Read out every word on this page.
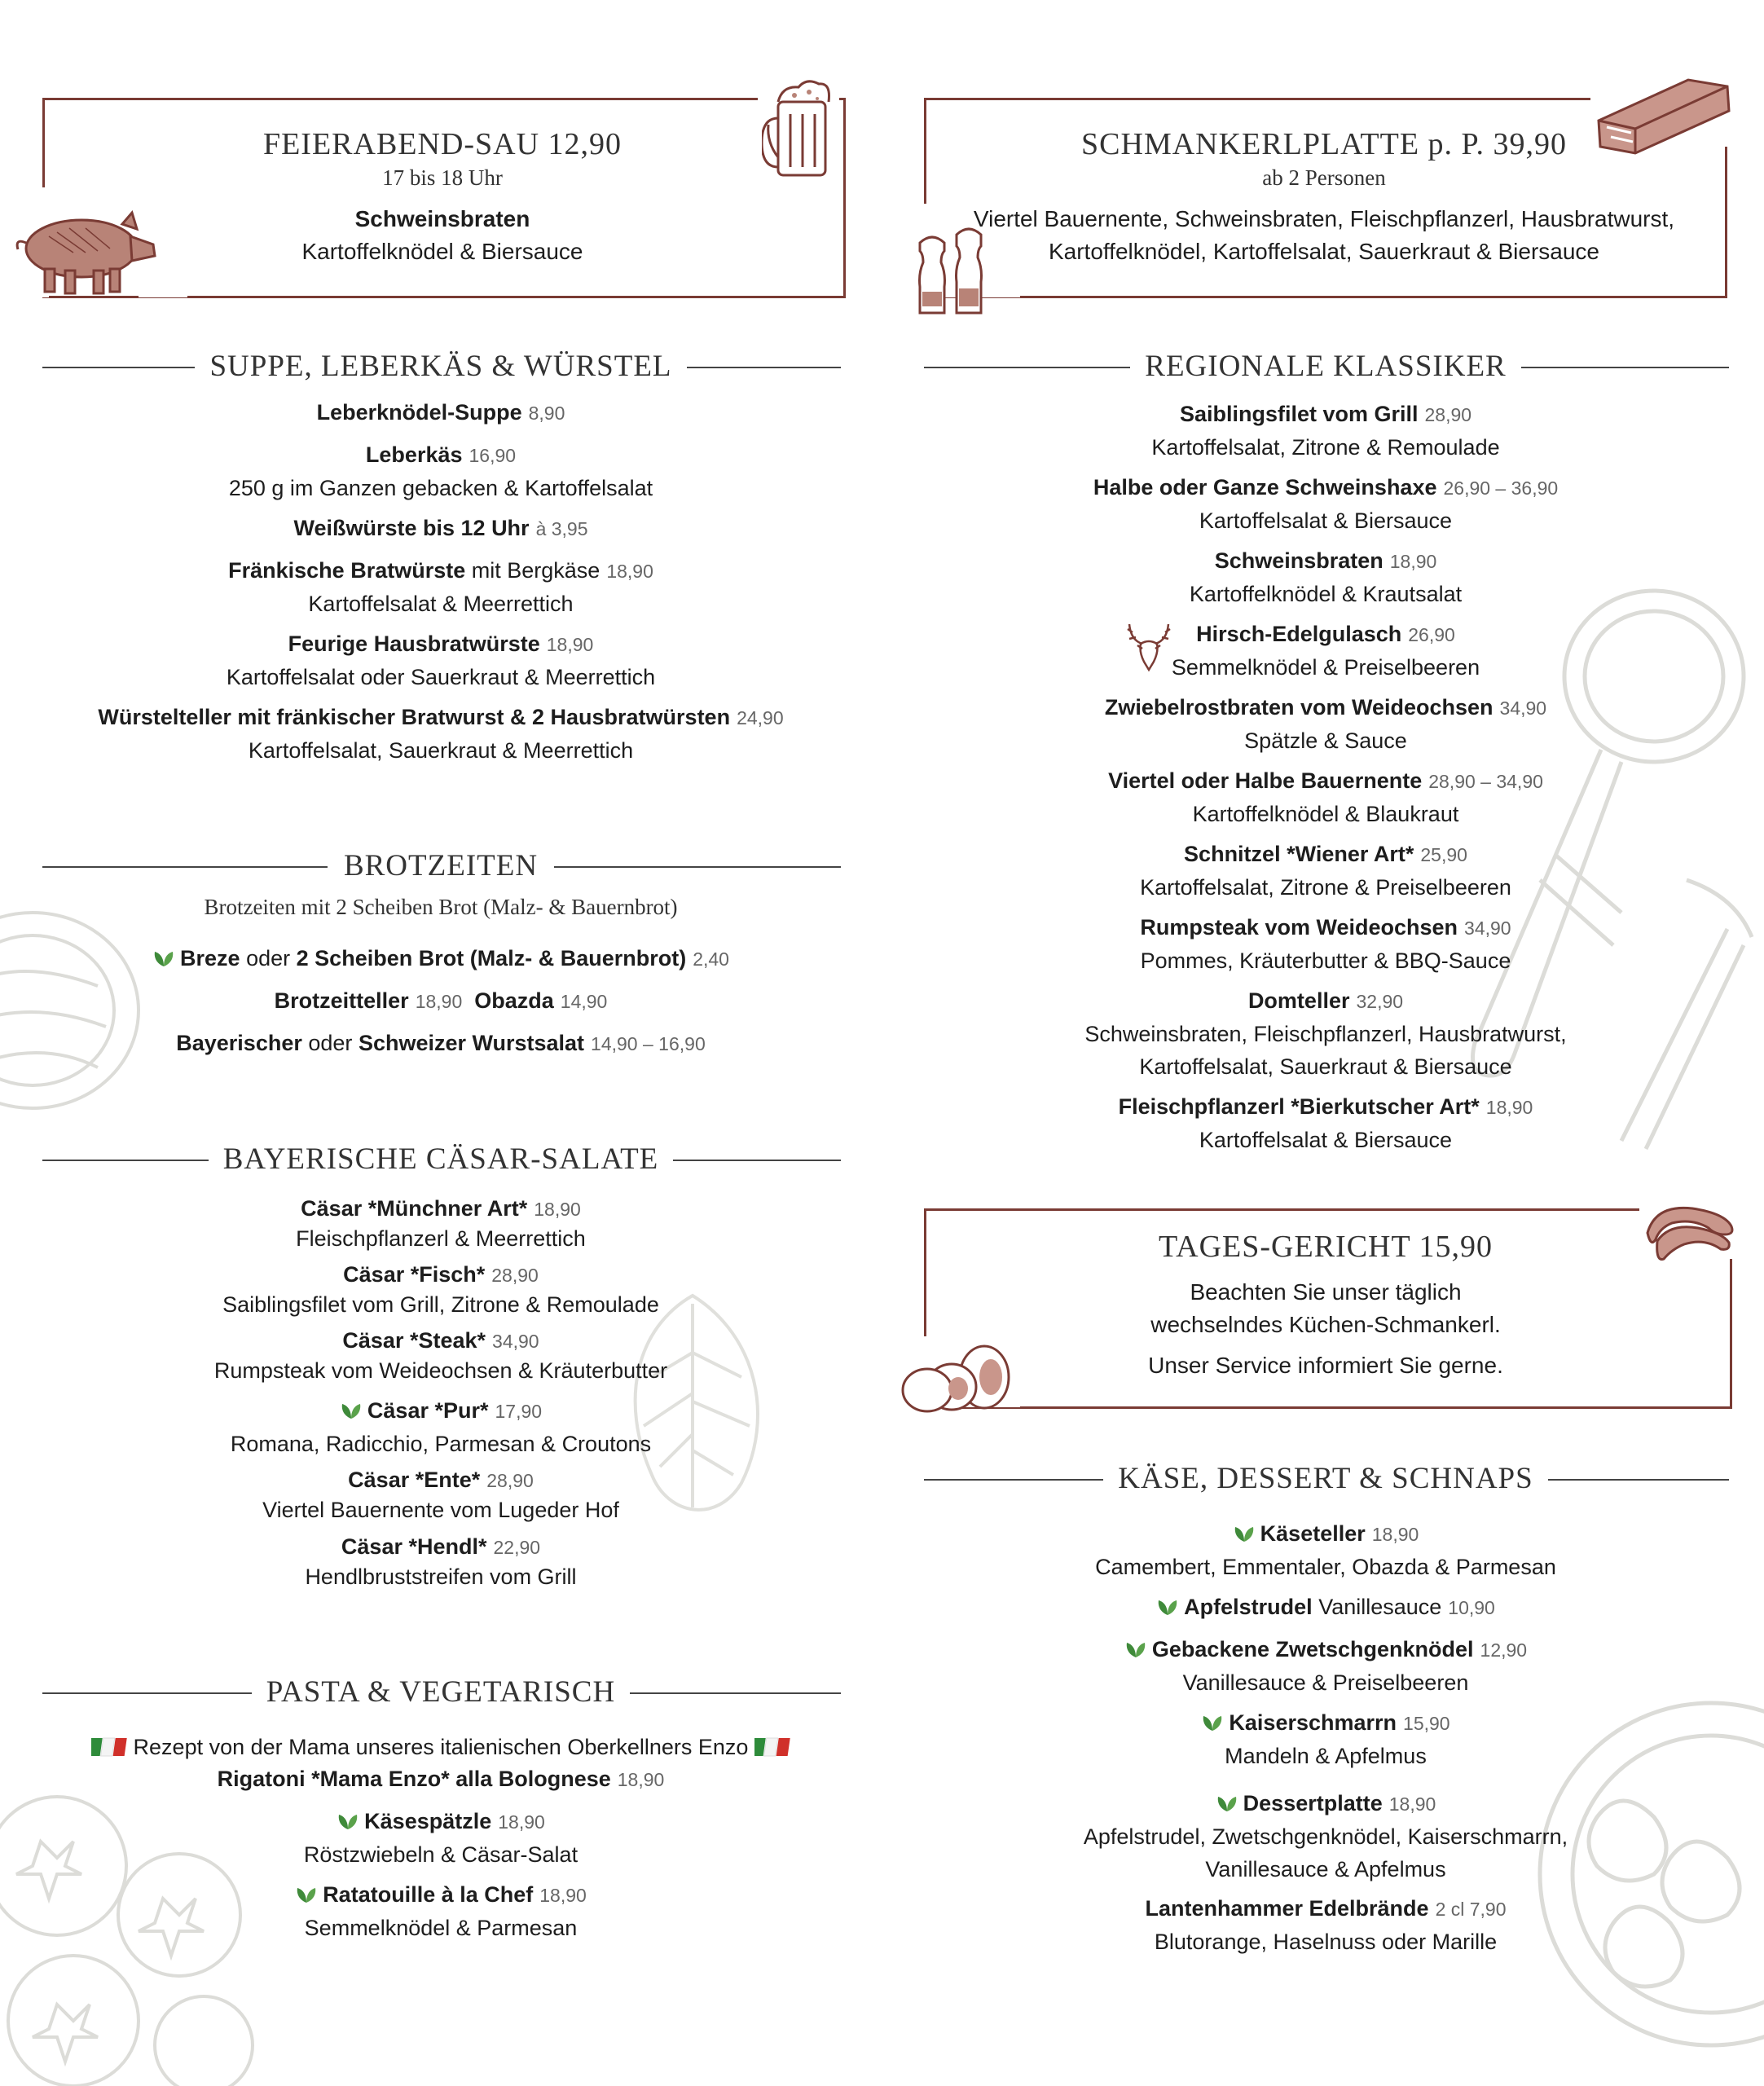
FEIERABEND-SAU 12,90
17 bis 18 Uhr
Schweinsbraten
Kartoffelknödel & Biersauce
SUPPE, LEBERKÄS & WÜRSTEL
Leberknödel-Suppe 8,90
Leberkäs 16,90
250 g im Ganzen gebacken & Kartoffelsalat
Weißwürste bis 12 Uhr à 3,95
Fränkische Bratwürste mit Bergkäse 18,90
Kartoffelsalat & Meerrettich
Feurige Hausbratwürste 18,90
Kartoffelsalat oder Sauerkraut & Meerrettich
Würstelteller mit fränkischer Bratwurst & 2 Hausbratwürsten 24,90
Kartoffelsalat, Sauerkraut & Meerrettich
BROTZEITEN
Brotzeiten mit 2 Scheiben Brot (Malz- & Bauernbrot)
Breze oder 2 Scheiben Brot (Malz- & Bauernbrot) 2,40
Brotzeitteller 18,90 Obazda 14,90
Bayerischer oder Schweizer Wurstsalat 14,90 – 16,90
BAYERISCHE CÄSAR-SALATE
Cäsar *Münchner Art* 18,90
Fleischpflanzerl & Meerrettich
Cäsar *Fisch* 28,90
Saiblingsfilet vom Grill, Zitrone & Remoulade
Cäsar *Steak* 34,90
Rumpsteak vom Weideochsen & Kräuterbutter
Cäsar *Pur* 17,90
Romana, Radicchio, Parmesan & Croutons
Cäsar *Ente* 28,90
Viertel Bauernente vom Lugeder Hof
Cäsar *Hendl* 22,90
Hendlbruststreifen vom Grill
PASTA & VEGETARISCH
Rezept von der Mama unseres italienischen Oberkellners Enzo
Rigatoni *Mama Enzo* alla Bolognese 18,90
Käsespätzle 18,90
Röstzwiebeln & Cäsar-Salat
Ratatouille à la Chef 18,90
Semmelknödel & Parmesan
SCHMANKERLPLATTE p. P. 39,90
ab 2 Personen
Viertel Bauernente, Schweinsbraten, Fleischpflanzerl, Hausbratwurst,
Kartoffelknödel, Kartoffelsalat, Sauerkraut & Biersauce
REGIONALE KLASSIKER
Saiblingsfilet vom Grill 28,90
Kartoffelsalat, Zitrone & Remoulade
Halbe oder Ganze Schweinshaxe 26,90 – 36,90
Kartoffelsalat & Biersauce
Schweinsbraten 18,90
Kartoffelknödel & Krautsalat
Hirsch-Edelgulasch 26,90
Semmelknödel & Preiselbeeren
Zwiebelrostbraten vom Weideochsen 34,90
Spätzle & Sauce
Viertel oder Halbe Bauernente 28,90 – 34,90
Kartoffelknödel & Blaukraut
Schnitzel *Wiener Art* 25,90
Kartoffelsalat, Zitrone & Preiselbeeren
Rumpsteak vom Weideochsen 34,90
Pommes, Kräuterbutter & BBQ-Sauce
Domteller 32,90
Schweinsbraten, Fleischpflanzerl, Hausbratwurst,
Kartoffelsalat, Sauerkraut & Biersauce
Fleischpflanzerl *Bierkutscher Art* 18,90
Kartoffelsalat & Biersauce
TAGES-GERICHT 15,90
Beachten Sie unser täglich
wechselndes Küchen-Schmankerl.
Unser Service informiert Sie gerne.
KÄSE, DESSERT & SCHNAPS
Käseteller 18,90
Camembert, Emmentaler, Obazda & Parmesan
Apfelstrudel Vanillesauce 10,90
Gebackene Zwetschgenknödel 12,90
Vanillesauce & Preiselbeeren
Kaiserschmarrn 15,90
Mandeln & Apfelmus
Dessertplatte 18,90
Apfelstrudel, Zwetschgenknödel, Kaiserschmarrn,
Vanillesauce & Apfelmus
Lantenhammer Edelbrände 2 cl 7,90
Blutorange, Haselnuss oder Marille
